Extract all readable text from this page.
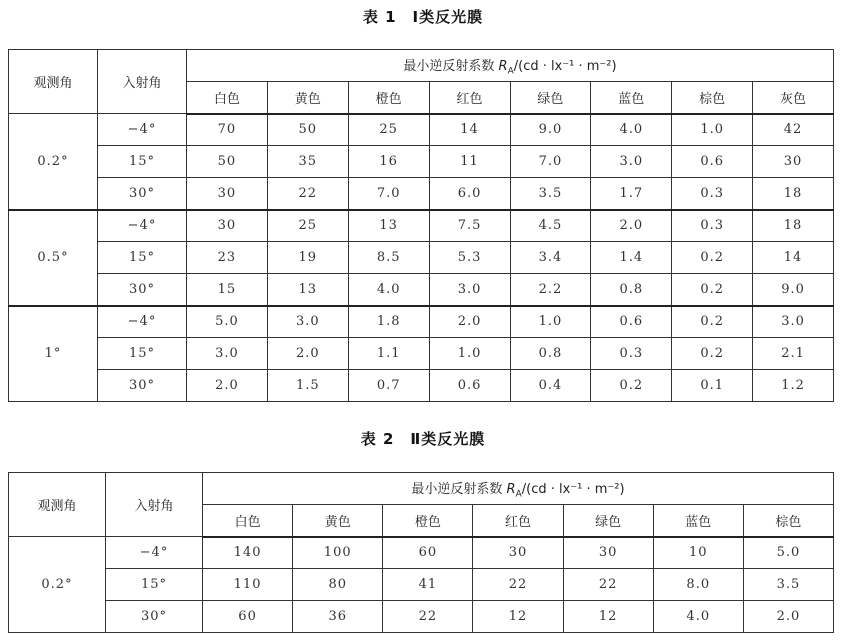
表 1　Ⅰ类反光膜
观测角	入射角	最小逆反射系数 $R_A/(cd \cdot lx^{-1} \cdot m^{-2})$							
		白色	黄色	橙色	红色	绿色	蓝色	棕色	灰色
0.2°	−4°	70	50	25	14	9.0	4.0	1.0	42
	15°	50	35	16	11	7.0	3.0	0.6	30
	30°	30	22	7.0	6.0	3.5	1.7	0.3	18
0.5°	−4°	30	25	13	7.5	4.5	2.0	0.3	18
	15°	23	19	8.5	5.3	3.4	1.4	0.2	14
	30°	15	13	4.0	3.0	2.2	0.8	0.2	9.0
1°	−4°	5.0	3.0	1.8	2.0	1.0	0.6	0.2	3.0
	15°	3.0	2.0	1.1	1.0	0.8	0.3	0.2	2.1
	30°	2.0	1.5	0.7	0.6	0.4	0.2	0.1	1.2
表 2　Ⅱ类反光膜
观测角	入射角	最小逆反射系数 $R_A/(cd \cdot lx^{-1} \cdot m^{-2})$						
		白色	黄色	橙色	红色	绿色	蓝色	棕色
0.2°	−4°	140	100	60	30	30	10	5.0
	15°	110	80	41	22	22	8.0	3.5
	30°	60	36	22	12	12	4.0	2.0
